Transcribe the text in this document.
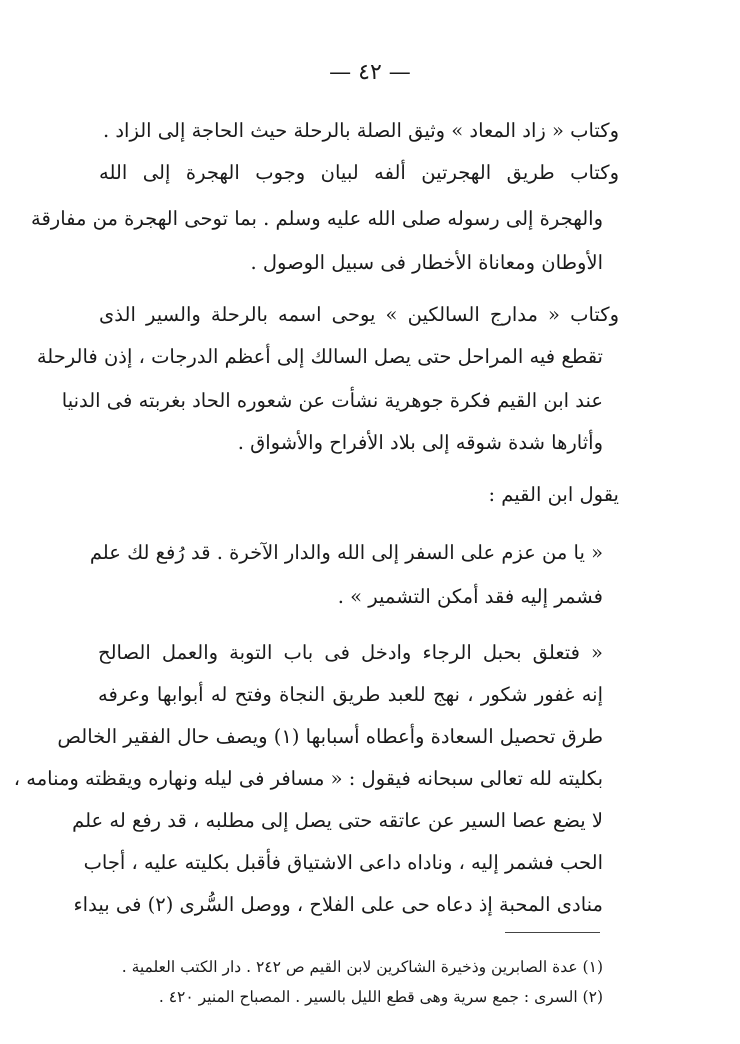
— ٤٢ —
وكتاب « زاد المعاد » وثيق الصلة بالرحلة حيث الحاجة إلى الزاد .
وكتاب طريق الهجرتين ألفه لبيان وجوب الهجرة إلى الله
والهجرة إلى رسوله صلى الله عليه وسلم . بما توحى الهجرة من مفارقة
الأوطان ومعاناة الأخطار فى سبيل الوصول .
وكتاب « مدارج السالكين » يوحى اسمه بالرحلة والسير الذى
تقطع فيه المراحل حتى يصل السالك إلى أعظم الدرجات ، إذن فالرحلة
عند ابن القيم فكرة جوهرية نشأت عن شعوره الحاد بغربته فى الدنيا
وأثارها شدة شوقه إلى بلاد الأفراح والأشواق .
يقول ابن القيم :
« يا من عزم على السفر إلى الله والدار الآخرة . قد رُفع لك علم
فشمر إليه فقد أمكن التشمير » .
« فتعلق بحبل الرجاء وادخل فى باب التوبة والعمل الصالح
إنه غفور شكور ، نهج للعبد طريق النجاة وفتح له أبوابها وعرفه
طرق تحصيل السعادة وأعطاه أسبابها (١) ويصف حال الفقير الخالص
بكليته لله تعالى سبحانه فيقول : « مسافر فى ليله ونهاره ويقظته ومنامه ،
لا يضع عصا السير عن عاتقه حتى يصل إلى مطلبه ، قد رفع له علم
الحب فشمر إليه ، وناداه داعى الاشتياق فأقبل بكليته عليه ، أجاب
منادى المحبة إذ دعاه حى على الفلاح ، ووصل السُّرى (٢) فى بيداء
(١) عدة الصابرين وذخيرة الشاكرين لابن القيم ص ٢٤٢ . دار الكتب العلمية .
(٢) السرى : جمع سرية وهى قطع الليل بالسير . المصباح المنير ٤٢٠ .
